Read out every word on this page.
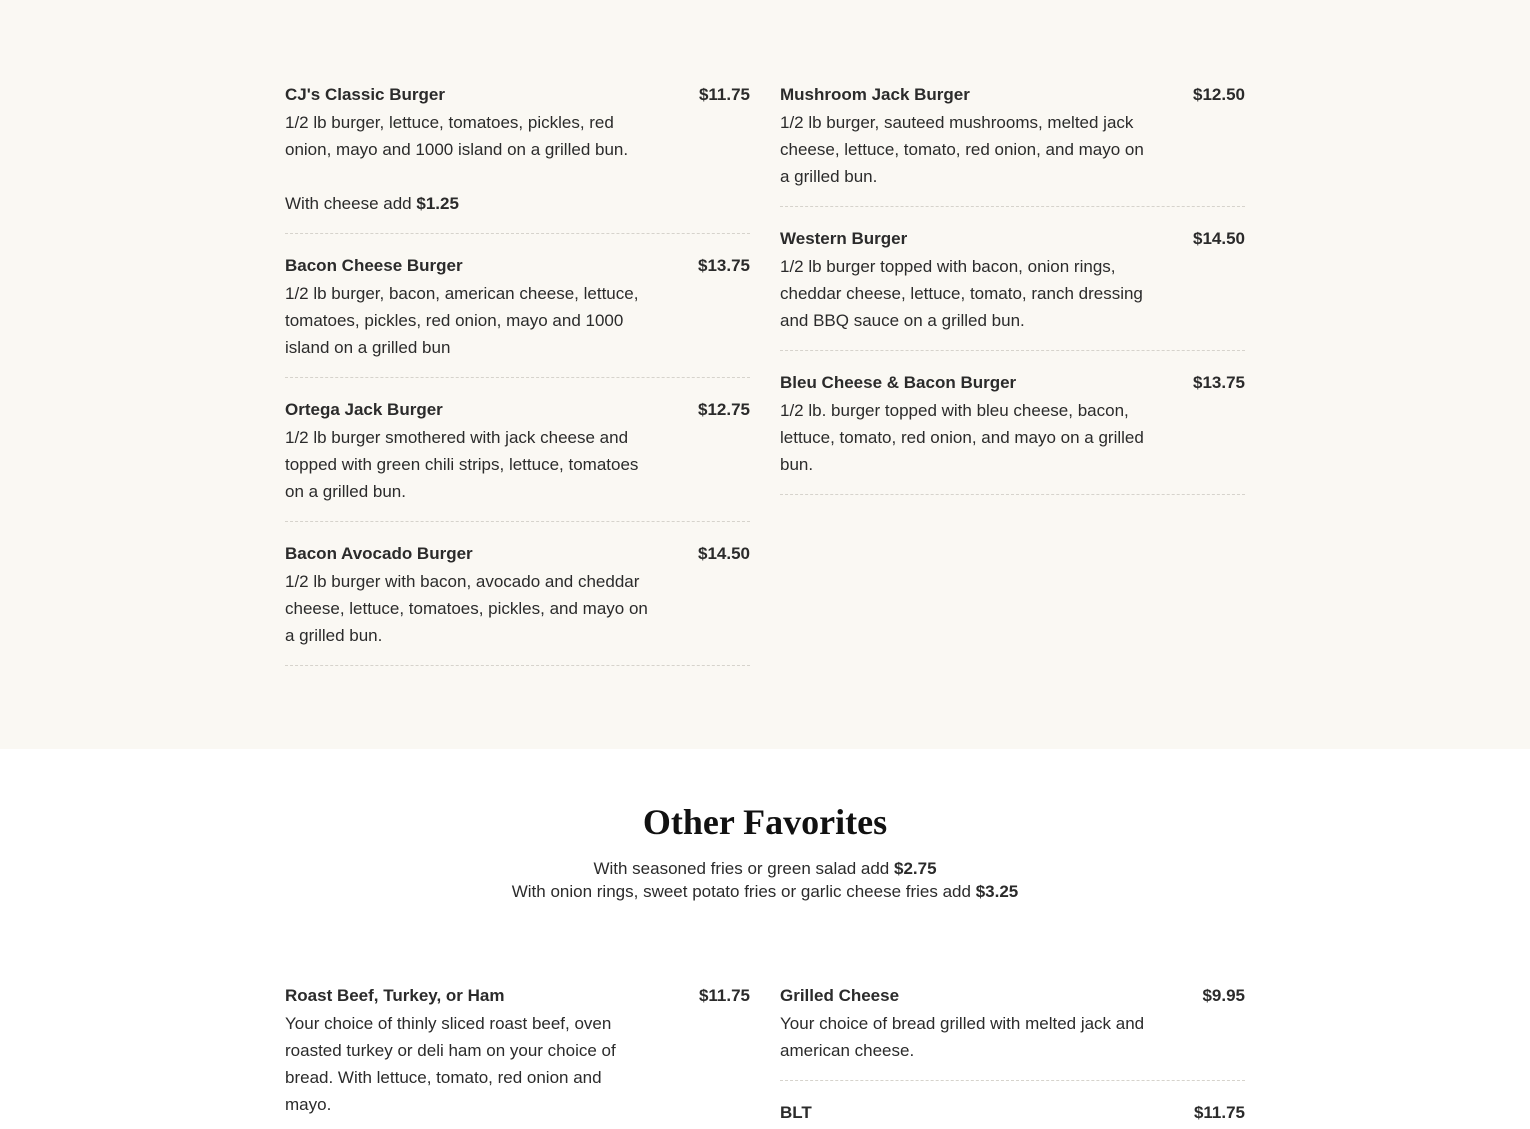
CJ's Classic Burger	$11.75
1/2 lb burger, lettuce, tomatoes, pickles, red onion, mayo and 1000 island on a grilled bun.
With cheese add $1.25
Bacon Cheese Burger	$13.75
1/2 lb burger, bacon, american cheese, lettuce, tomatoes, pickles, red onion, mayo and 1000 island on a grilled bun
Ortega Jack Burger	$12.75
1/2 lb burger smothered with jack cheese and topped with green chili strips, lettuce, tomatoes on a grilled bun.
Bacon Avocado Burger	$14.50
1/2 lb burger with bacon, avocado and cheddar cheese, lettuce, tomatoes, pickles, and mayo on a grilled bun.
Mushroom Jack Burger	$12.50
1/2 lb burger, sauteed mushrooms, melted jack cheese, lettuce, tomato, red onion, and mayo on a grilled bun.
Western Burger	$14.50
1/2 lb burger topped with bacon, onion rings, cheddar cheese, lettuce, tomato, ranch dressing and BBQ sauce on a grilled bun.
Bleu Cheese & Bacon Burger	$13.75
1/2 lb. burger topped with bleu cheese, bacon, lettuce, tomato, red onion, and mayo on a grilled bun.
Other Favorites
With seasoned fries or green salad add $2.75
With onion rings, sweet potato fries or garlic cheese fries add $3.25
Roast Beef, Turkey, or Ham	$11.75
Your choice of thinly sliced roast beef, oven roasted turkey or deli ham on your choice of bread. With lettuce, tomato, red onion and mayo.
Grilled Cheese	$9.95
Your choice of bread grilled with melted jack and american cheese.
BLT	$11.75
